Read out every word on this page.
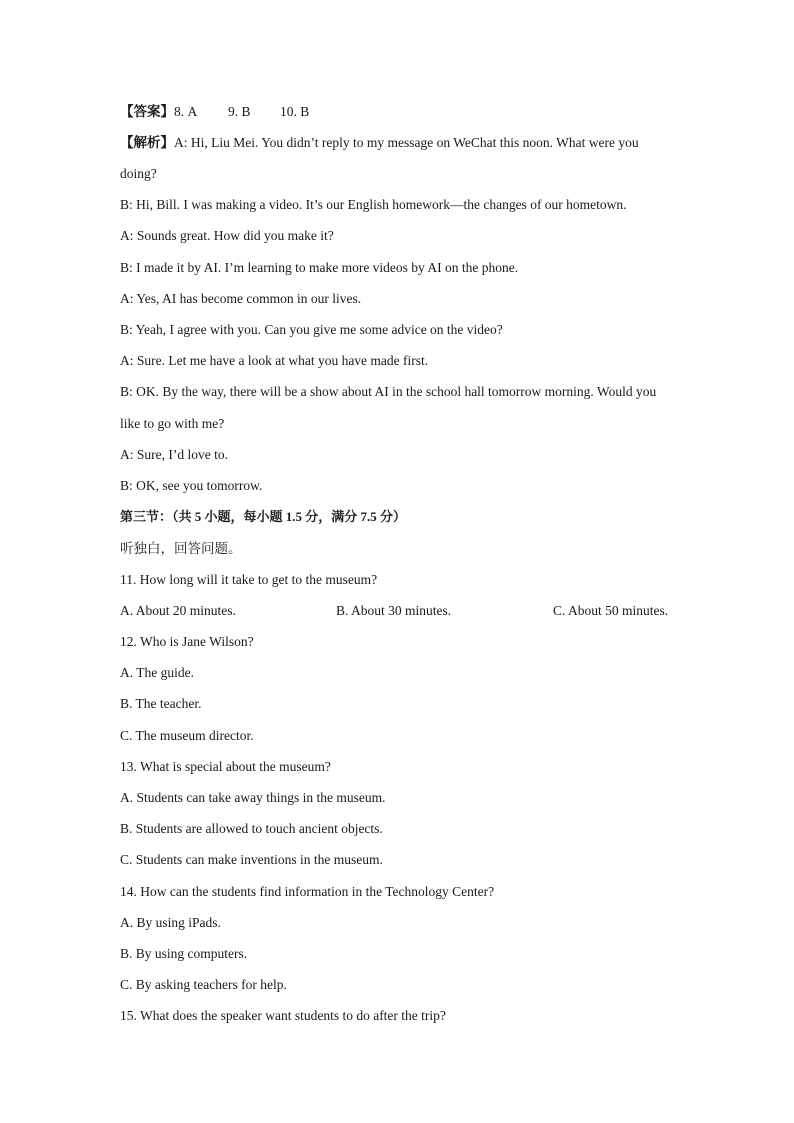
【答案】8. A 9. B 10. B
【解析】A: Hi, Liu Mei. You didn’t reply to my message on WeChat this noon. What were you
doing?
B: Hi, Bill. I was making a video. It’s our English homework—the changes of our hometown.
A: Sounds great. How did you make it?
B: I made it by AI. I’m learning to make more videos by AI on the phone.
A: Yes, AI has become common in our lives.
B: Yeah, I agree with you. Can you give me some advice on the video?
A: Sure. Let me have a look at what you have made first.
B: OK. By the way, there will be a show about AI in the school hall tomorrow morning. Would you
like to go with me?
A: Sure, I’d love to.
B: OK, see you tomorrow.
第三节：（共 5 小题，每小题 1.5 分，满分 7.5 分）
听独白，回答问题。
11. How long will it take to get to the museum?
A. About 20 minutes.	B. About 30 minutes.	C. About 50 minutes.
12. Who is Jane Wilson?
A. The guide.
B. The teacher.
C. The museum director.
13. What is special about the museum?
A. Students can take away things in the museum.
B. Students are allowed to touch ancient objects.
C. Students can make inventions in the museum.
14. How can the students find information in the Technology Center?
A. By using iPads.
B. By using computers.
C. By asking teachers for help.
15. What does the speaker want students to do after the trip?
